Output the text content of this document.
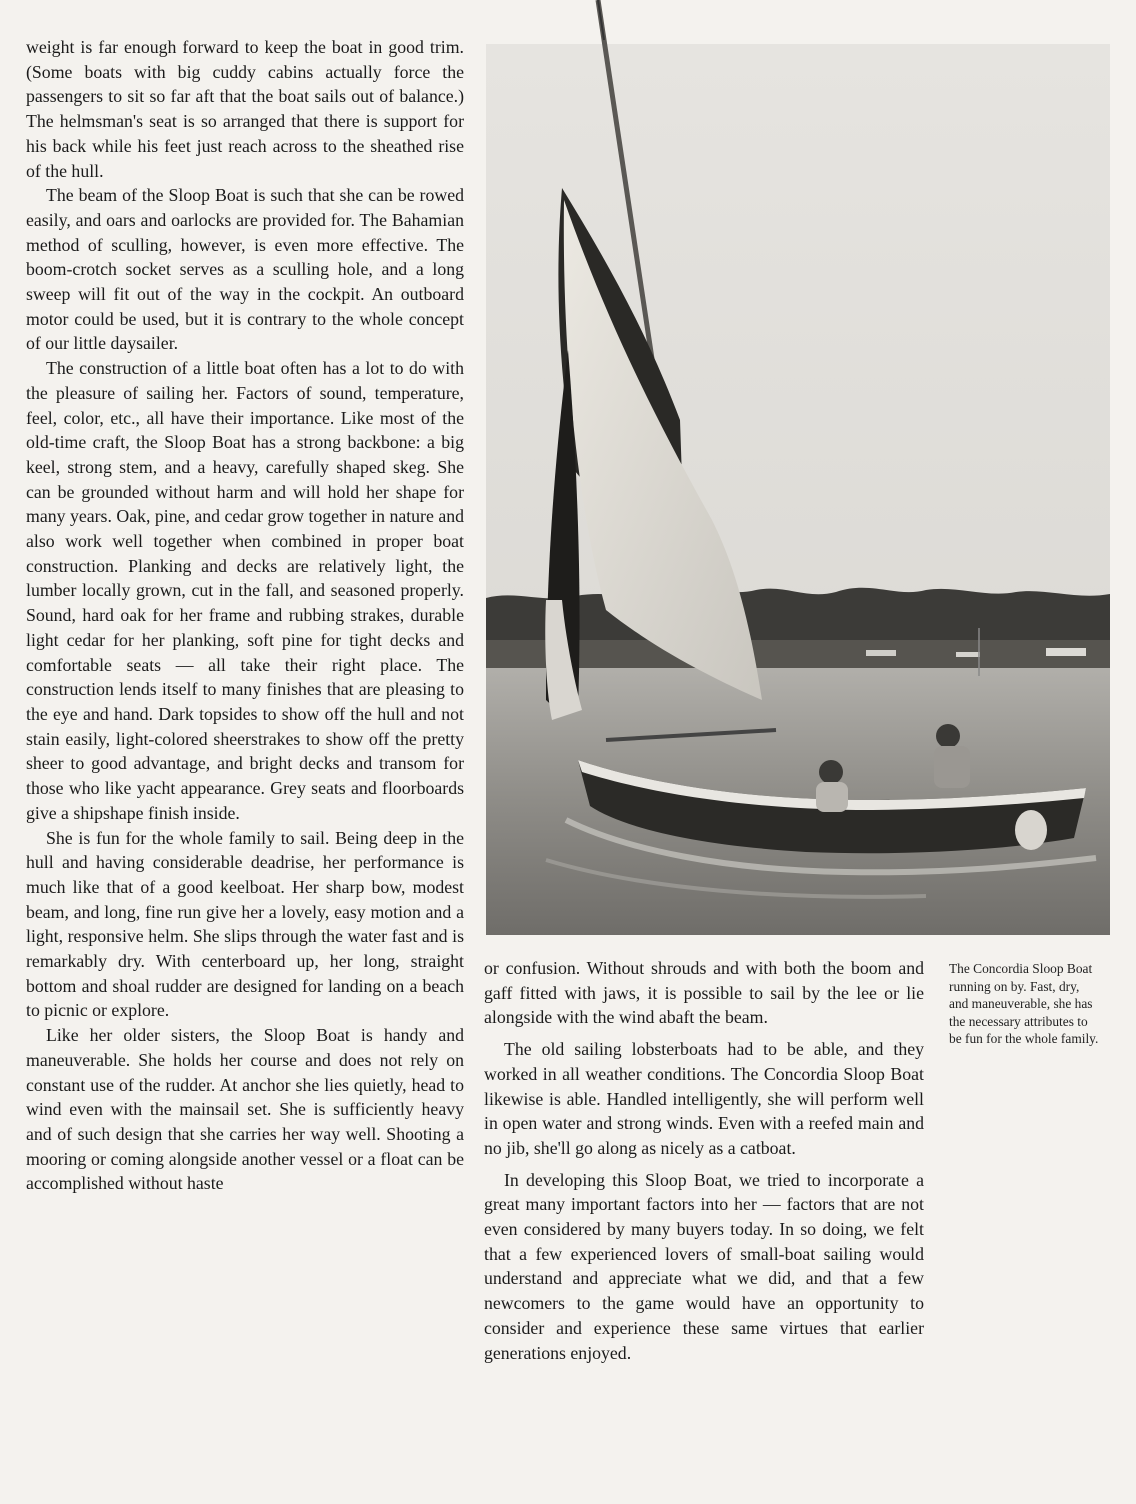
weight is far enough forward to keep the boat in good trim. (Some boats with big cuddy cabins actually force the passengers to sit so far aft that the boat sails out of balance.) The helmsman's seat is so arranged that there is support for his back while his feet just reach across to the sheathed rise of the hull.

The beam of the Sloop Boat is such that she can be rowed easily, and oars and oarlocks are provided for. The Bahamian method of sculling, however, is even more effective. The boom-crotch socket serves as a sculling hole, and a long sweep will fit out of the way in the cockpit. An outboard motor could be used, but it is contrary to the whole concept of our little daysailer.

The construction of a little boat often has a lot to do with the pleasure of sailing her. Factors of sound, temperature, feel, color, etc., all have their importance. Like most of the old-time craft, the Sloop Boat has a strong backbone: a big keel, strong stem, and a heavy, carefully shaped skeg. She can be grounded without harm and will hold her shape for many years. Oak, pine, and cedar grow together in nature and also work well together when combined in proper boat construction. Planking and decks are relatively light, the lumber locally grown, cut in the fall, and seasoned properly. Sound, hard oak for her frame and rubbing strakes, durable light cedar for her planking, soft pine for tight decks and comfortable seats — all take their right place. The construction lends itself to many finishes that are pleasing to the eye and hand. Dark topsides to show off the hull and not stain easily, light-colored sheerstrakes to show off the pretty sheer to good advantage, and bright decks and transom for those who like yacht appearance. Grey seats and floorboards give a shipshape finish inside.

She is fun for the whole family to sail. Being deep in the hull and having considerable deadrise, her performance is much like that of a good keelboat. Her sharp bow, modest beam, and long, fine run give her a lovely, easy motion and a light, responsive helm. She slips through the water fast and is remarkably dry. With centerboard up, her long, straight bottom and shoal rudder are designed for landing on a beach to picnic or explore.

Like her older sisters, the Sloop Boat is handy and maneuverable. She holds her course and does not rely on constant use of the rudder. At anchor she lies quietly, head to wind even with the mainsail set. She is sufficiently heavy and of such design that she carries her way well. Shooting a mooring or coming alongside another vessel or a float can be accomplished without haste

or confusion. Without shrouds and with both the boom and gaff fitted with jaws, it is possible to sail by the lee or lie alongside with the wind abaft the beam.

The old sailing lobsterboats had to be able, and they worked in all weather conditions. The Concordia Sloop Boat likewise is able. Handled intelligently, she will perform well in open water and strong winds. Even with a reefed main and no jib, she'll go along as nicely as a catboat.

In developing this Sloop Boat, we tried to incorporate a great many important factors into her — factors that are not even considered by many buyers today. In so doing, we felt that a few experienced lovers of small-boat sailing would understand and appreciate what we did, and that a few newcomers to the game would have an opportunity to consider and experience these same virtues that earlier generations enjoyed.

The Concordia Sloop Boat running on by. Fast, dry, and maneuverable, she has the necessary attributes to be fun for the whole family.
